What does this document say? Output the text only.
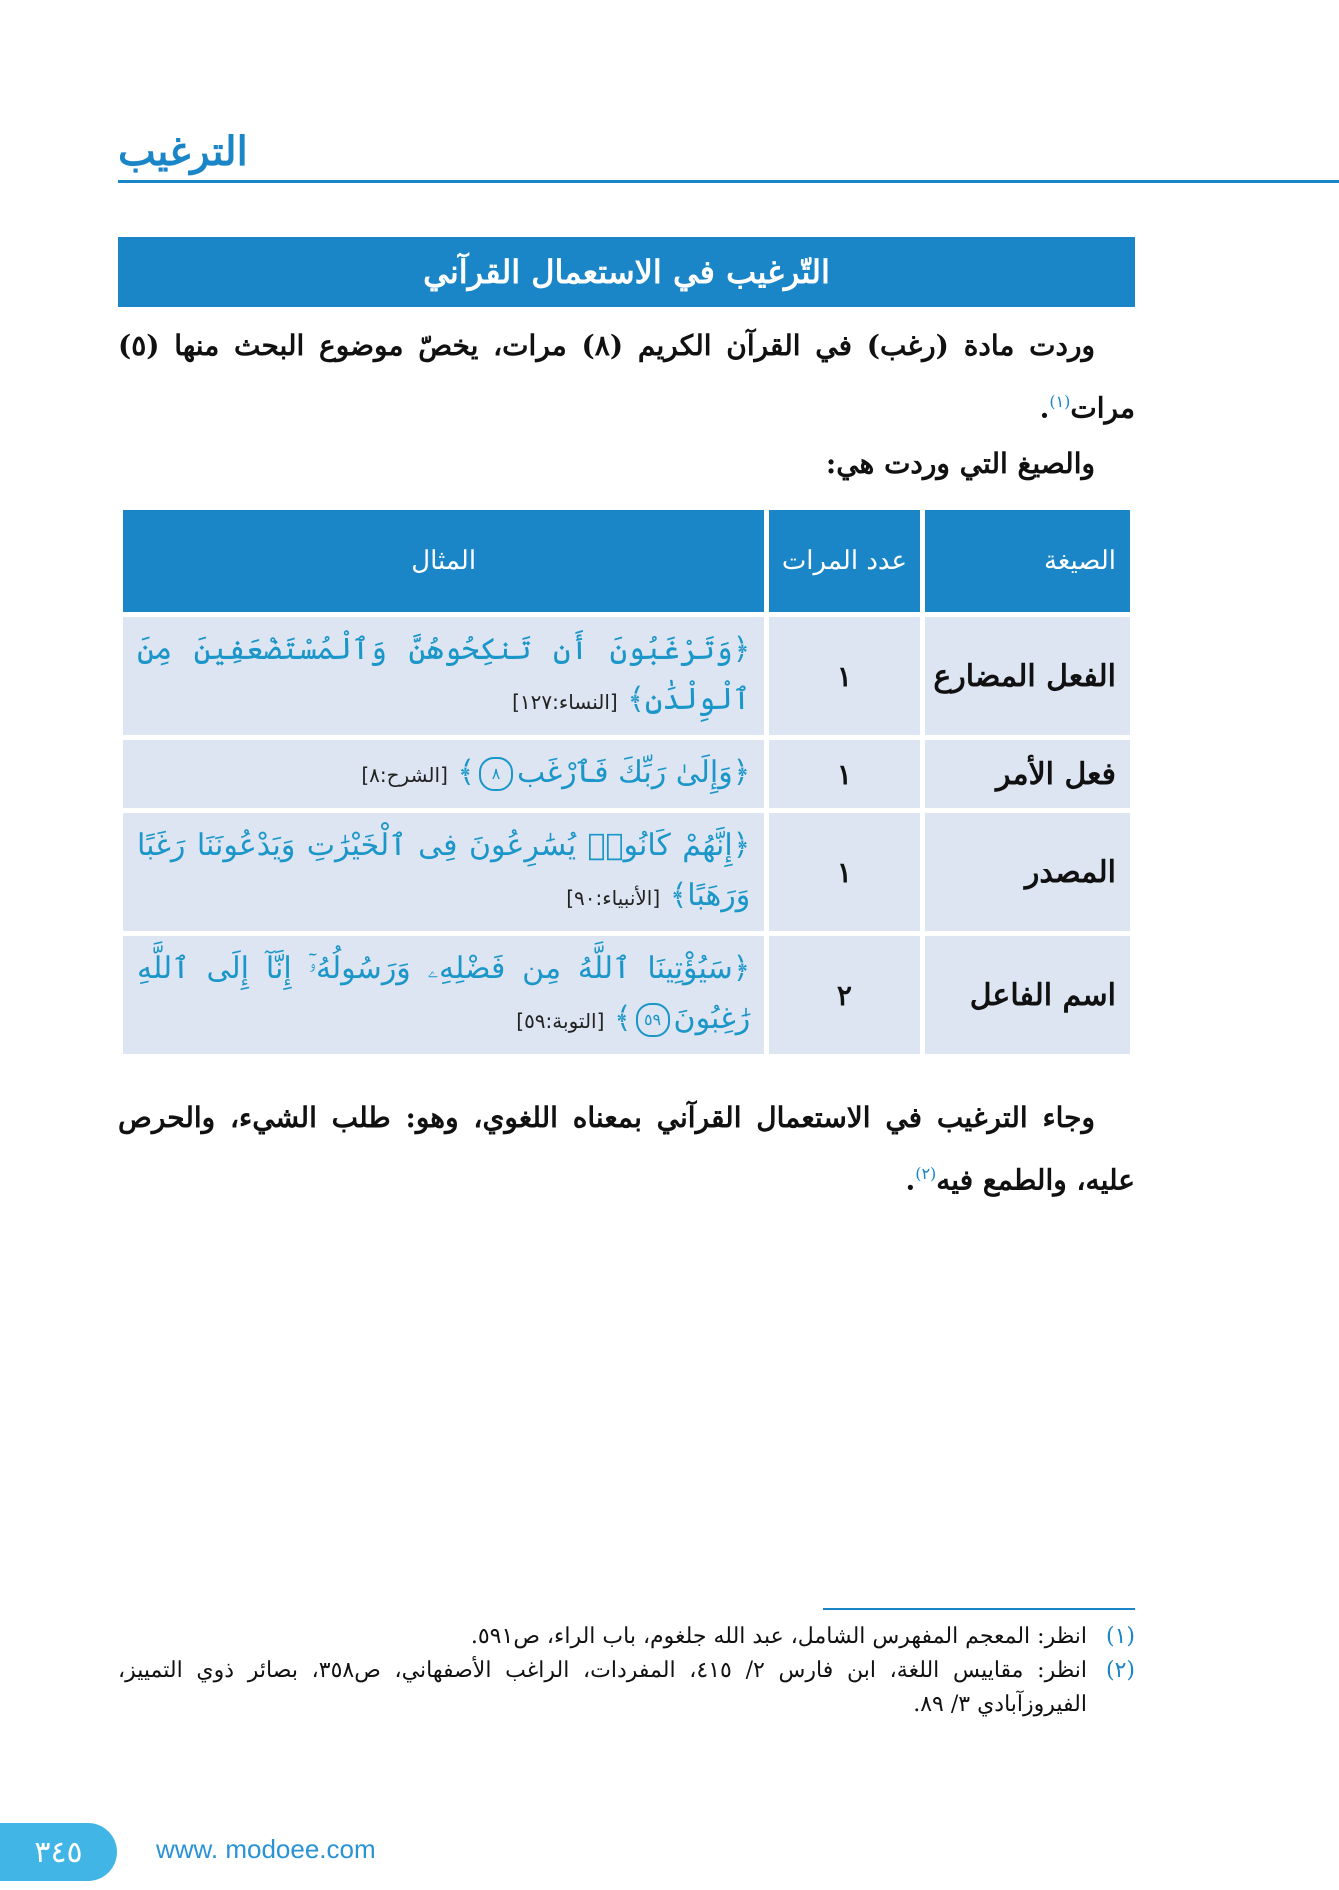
الترغيب
التّرغيب في الاستعمال القرآني

وردت مادة (رغب) في القرآن الكريم (٨) مرات، يخصّ موضوع البحث منها (٥) مرات$^{(١)}$.

والصيغ التي وردت هي:

الصيغة	عدد المرات	المثال
الفعل المضارع	١	﴿وَتَرْغَبُونَ أَن تَنكِحُوهُنَّ وَٱلْمُسْتَضْعَفِينَ مِنَ ٱلْوِلْدَٰنِ﴾ [النساء:١٢٧]

فعل الأمر	١	﴿وَإِلَىٰ رَبِّكَ فَٱرْغَب٨﴾ [الشرح:٨]

المصدر	١	﴿إِنَّهُمْ كَانُوا۟ يُسَٰرِعُونَ فِى ٱلْخَيْرَٰتِ وَيَدْعُونَنَا رَغَبًا وَرَهَبًا﴾ [الأنبياء:٩٠]

اسم الفاعل	٢	﴿سَيُؤْتِينَا ٱللَّهُ مِن فَضْلِهِۦ وَرَسُولُهُۥٓ إِنَّآ إِلَى ٱللَّهِ رَٰغِبُونَ٥٩﴾ [التوبة:٥٩]

وجاء الترغيب في الاستعمال القرآني بمعناه اللغوي، وهو: طلب الشيء، والحرص عليه، والطمع فيه$^{(٢)}$.

(١)
انظر: المعجم المفهرس الشامل، عبد الله جلغوم، باب الراء، ص٥٩١.

(٢)
انظر: مقاييس اللغة، ابن فارس ٢/ ٤١٥، المفردات، الراغب الأصفهاني، ص٣٥٨، بصائر ذوي التمييز، الفيروزآبادي ٣/ ٨٩.

٣٤٥	www. modoee.com
